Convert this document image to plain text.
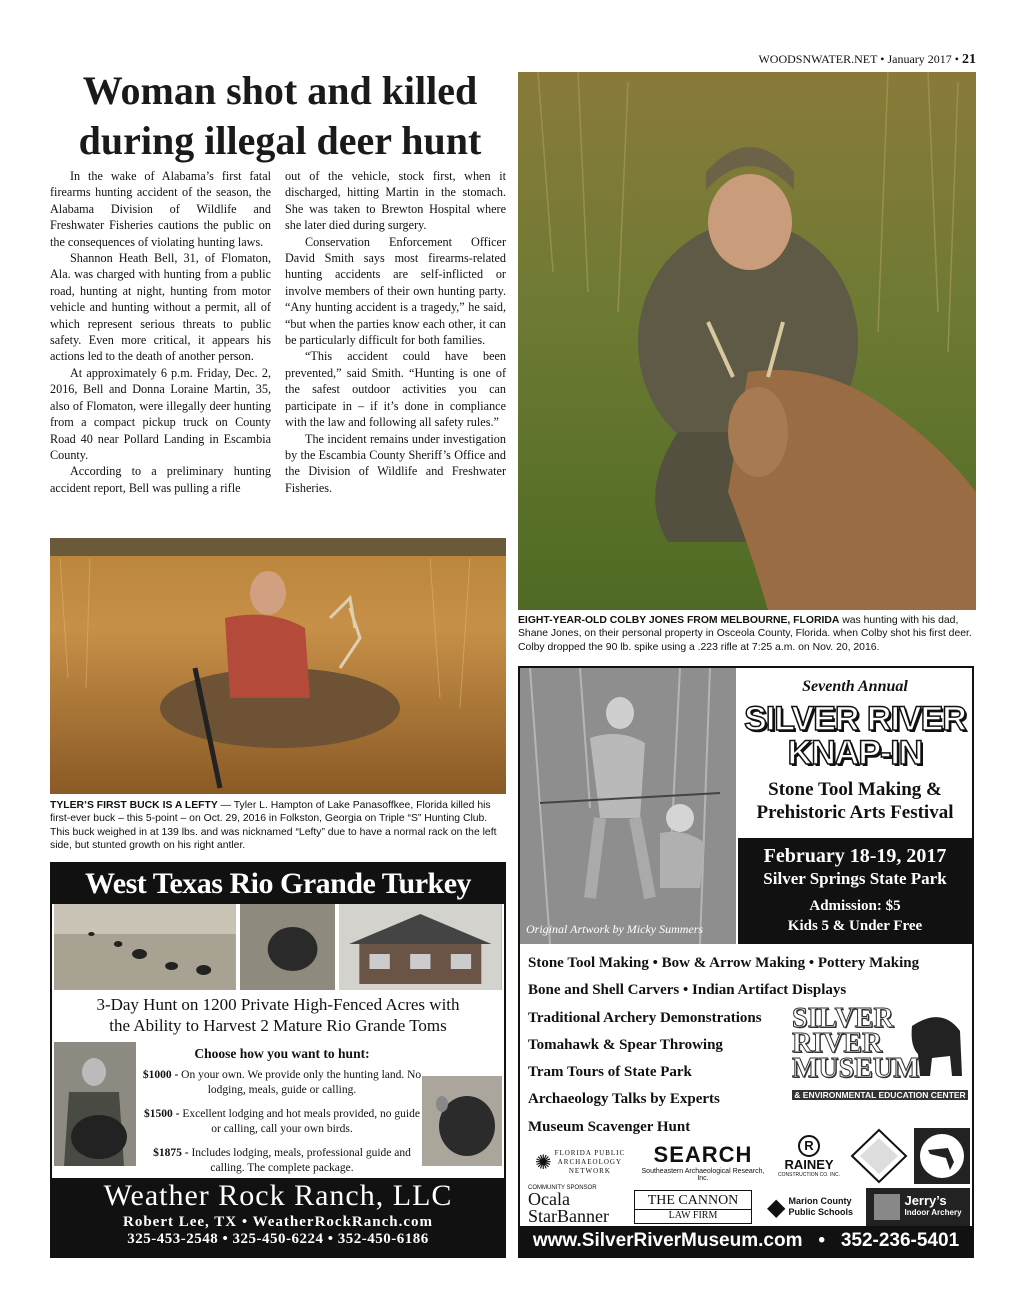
WOODSNWATER.NET • January 2017 • 21
Woman shot and killed
during illegal deer hunt

In the wake of Alabama’s first fatal firearms hunting accident of the season, the Alabama Division of Wildlife and Freshwater Fisheries cautions the public on the consequences of violating hunting laws.

Shannon Heath Bell, 31, of Flomaton, Ala. was charged with hunting from a public road, hunting at night, hunting from motor vehicle and hunting without a permit, all of which represent serious threats to public safety. Even more critical, it appears his actions led to the death of another person.

At approximately 6 p.m. Friday, Dec. 2, 2016, Bell and Donna Loraine Martin, 35, also of Flomaton, were illegally deer hunting from a compact pickup truck on County Road 40 near Pollard Landing in Escambia County.

According to a preliminary hunting accident report, Bell was pulling a rifle

out of the vehicle, stock first, when it discharged, hitting Martin in the stomach. She was taken to Brewton Hospital where she later died during surgery.

Conservation Enforcement Officer David Smith says most firearms-related hunting accidents are self-inflicted or involve members of their own hunting party. “Any hunting accident is a tragedy,” he said, “but when the parties know each other, it can be particularly difficult for both families.

“This accident could have been prevented,” said Smith. “Hunting is one of the safest outdoor activities you can participate in – if it’s done in compliance with the law and following all safety rules.”

The incident remains under investigation by the Escambia County Sheriff’s Office and the Division of Wildlife and Freshwater Fisheries.

EIGHT-YEAR-OLD COLBY JONES FROM MELBOURNE, FLORIDA was hunting with his dad, Shane Jones, on their personal property in Osceola County, Florida. when Colby shot his first deer. Colby dropped the 90 lb. spike using a .223 rifle at 7:25 a.m. on Nov. 20, 2016.
TYLER’S FIRST BUCK IS A LEFTY — Tyler L. Hampton of Lake Panasoffkee, Florida killed his first-ever buck – this 5-point – on Oct. 29, 2016 in Folkston, Georgia on Triple “S” Hunting Club. This buck weighed in at 139 lbs. and was nicknamed “Lefty” due to have a normal rack on the left side, but stunted growth on his right antler.
West Texas Rio Grande Turkey
3-Day Hunt on 1200 Private High-Fenced Acres with
the Ability to Harvest 2 Mature Rio Grande Toms
Choose how you want to hunt:
$1000 - On your own. We provide only the hunting land. No lodging, meals, guide or calling.
$1500 - Excellent lodging and hot meals provided, no guide or calling, call your own birds.
$1875 - Includes lodging, meals, professional guide and calling. The complete package.
Weather Rock Ranch, LLC
Robert Lee, TX • WeatherRockRanch.com
325-453-2548 • 325-450-6224 • 352-450-6186
Original Artwork by Micky Summers
Seventh Annual
SILVER RIVER
KNAP-IN
Stone Tool Making &
Prehistoric Arts Festival
February 18-19, 2017
Silver Springs State Park
Admission: $5
Kids 5 & Under Free
Stone Tool Making • Bow & Arrow Making • Pottery Making
Bone and Shell Carvers • Indian Artifact Displays
Traditional Archery Demonstrations
Tomahawk & Spear Throwing
Tram Tours of State Park
Archaeology Talks by Experts
Museum Scavenger Hunt
SILVER
RIVER
MUSEUM
& ENVIRONMENTAL EDUCATION CENTER
✺ FLORIDA PUBLIC
ARCHAEOLOGY
NETWORK
SEARCH
Southeastern Archaeological Research, Inc.
R
RAINEY
CONSTRUCTION CO. INC.
COMMUNITY SPONSOR
Ocala
StarBanner
THE CANNON
LAW FIRM	◆ Marion County
Public Schools
Jerry’s
Indoor Archery
www.SilverRiverMuseum.com • 352-236-5401
